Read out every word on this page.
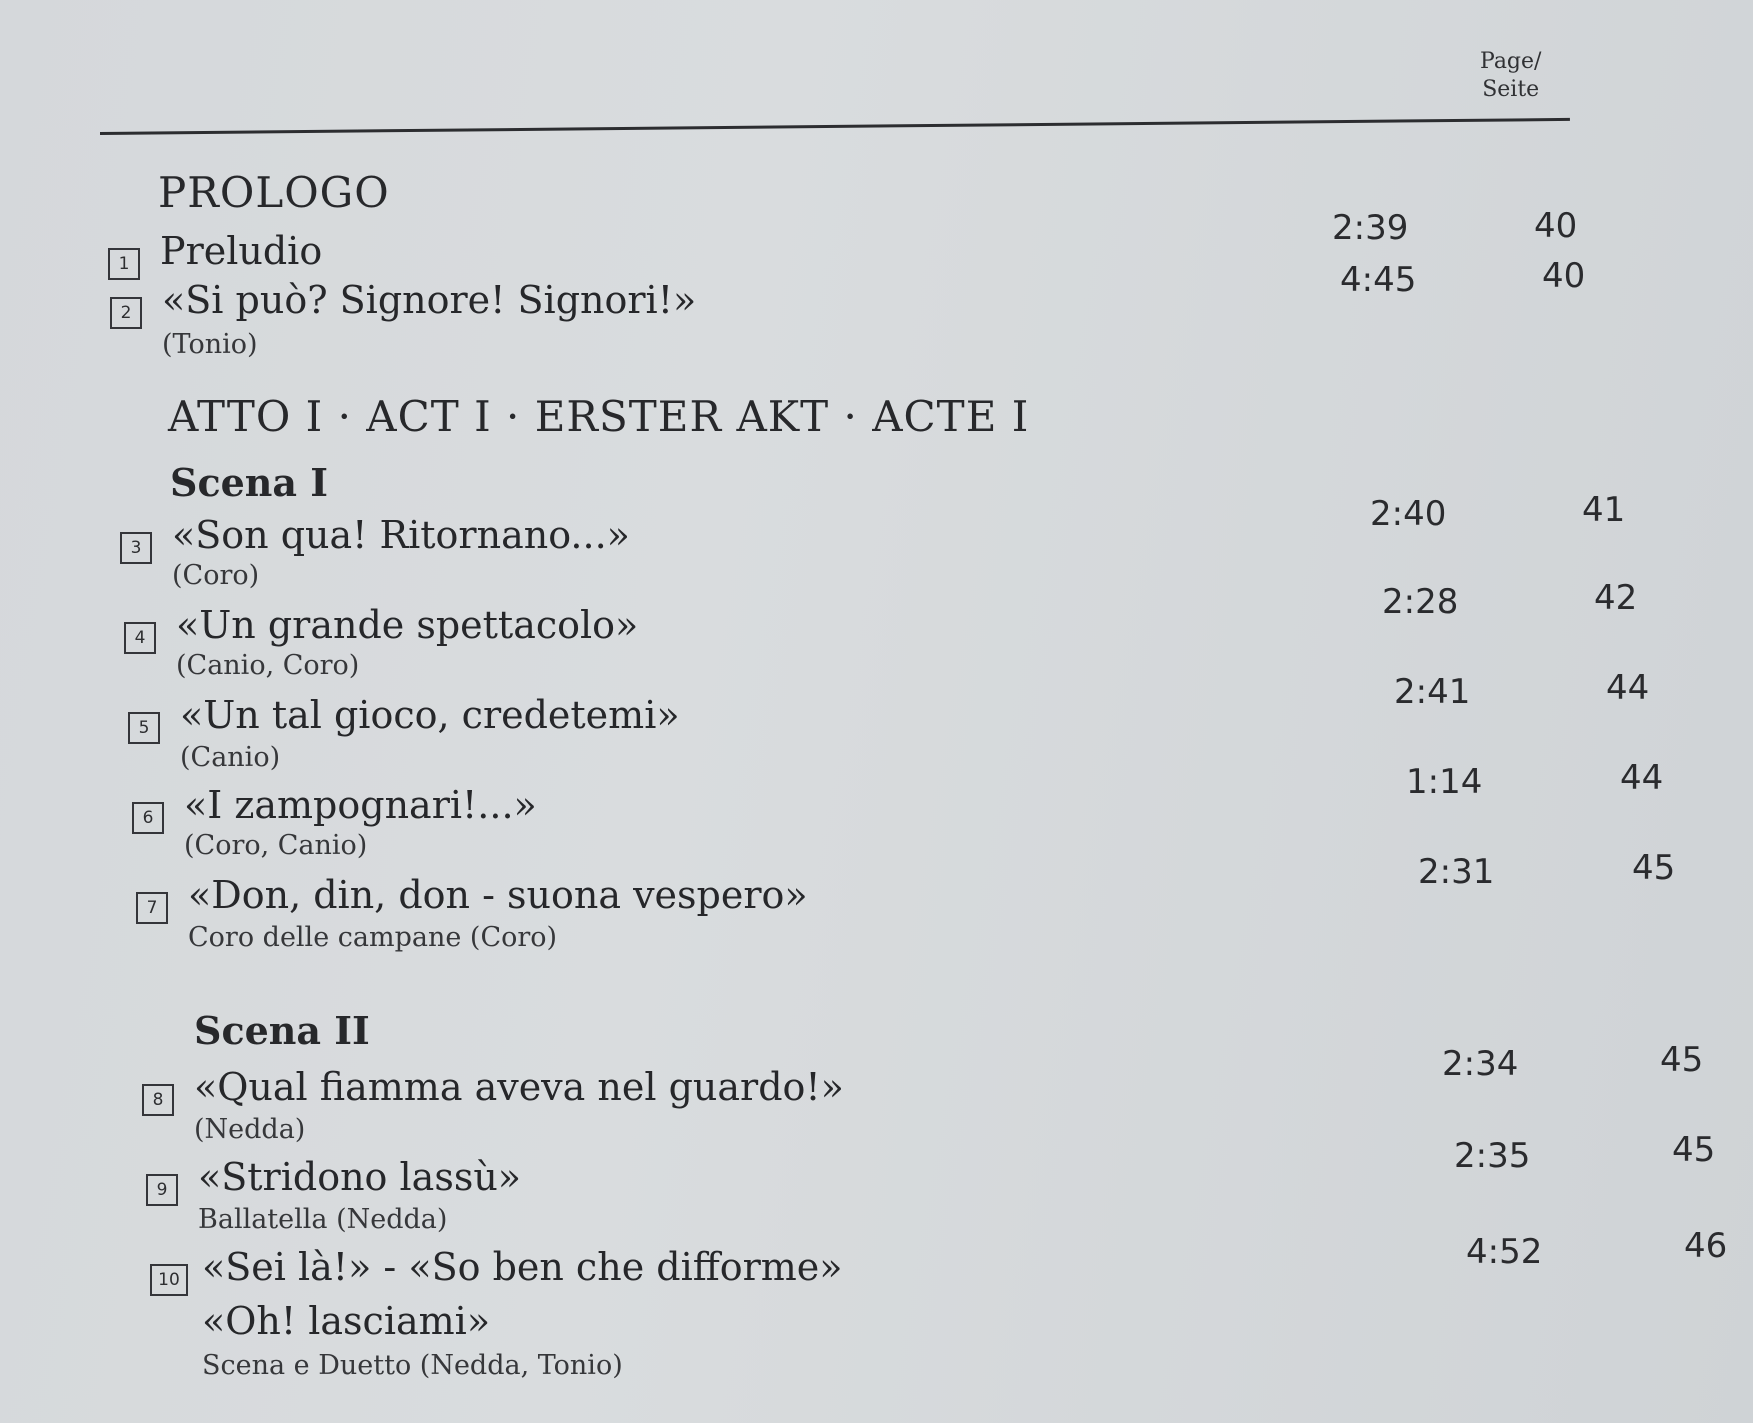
Page/
Seite
PROLOGO
1 Preludio
2:39	40
2 «Si può? Signore! Signori!»
(Tonio)
4:45	40
ATTO I · ACT I · ERSTER AKT · ACTE I
Scena I
3 «Son qua! Ritornano...»
(Coro)
2:40	41
4 «Un grande spettacolo»
(Canio, Coro)
2:28	42
5 «Un tal gioco, credetemi»
(Canio)
2:41	44
6 «I zampognari!...»
(Coro, Canio)
1:14	44
7 «Don, din, don - suona vespero»
Coro delle campane (Coro)
2:31	45
Scena II
8 «Qual fiamma aveva nel guardo!»
(Nedda)
2:34	45
9 «Stridono lassù»
Ballatella (Nedda)
2:35	45
10 «Sei là!» - «So ben che difforme»
«Oh! lasciami»
Scena e Duetto (Nedda, Tonio)
4:52	46
